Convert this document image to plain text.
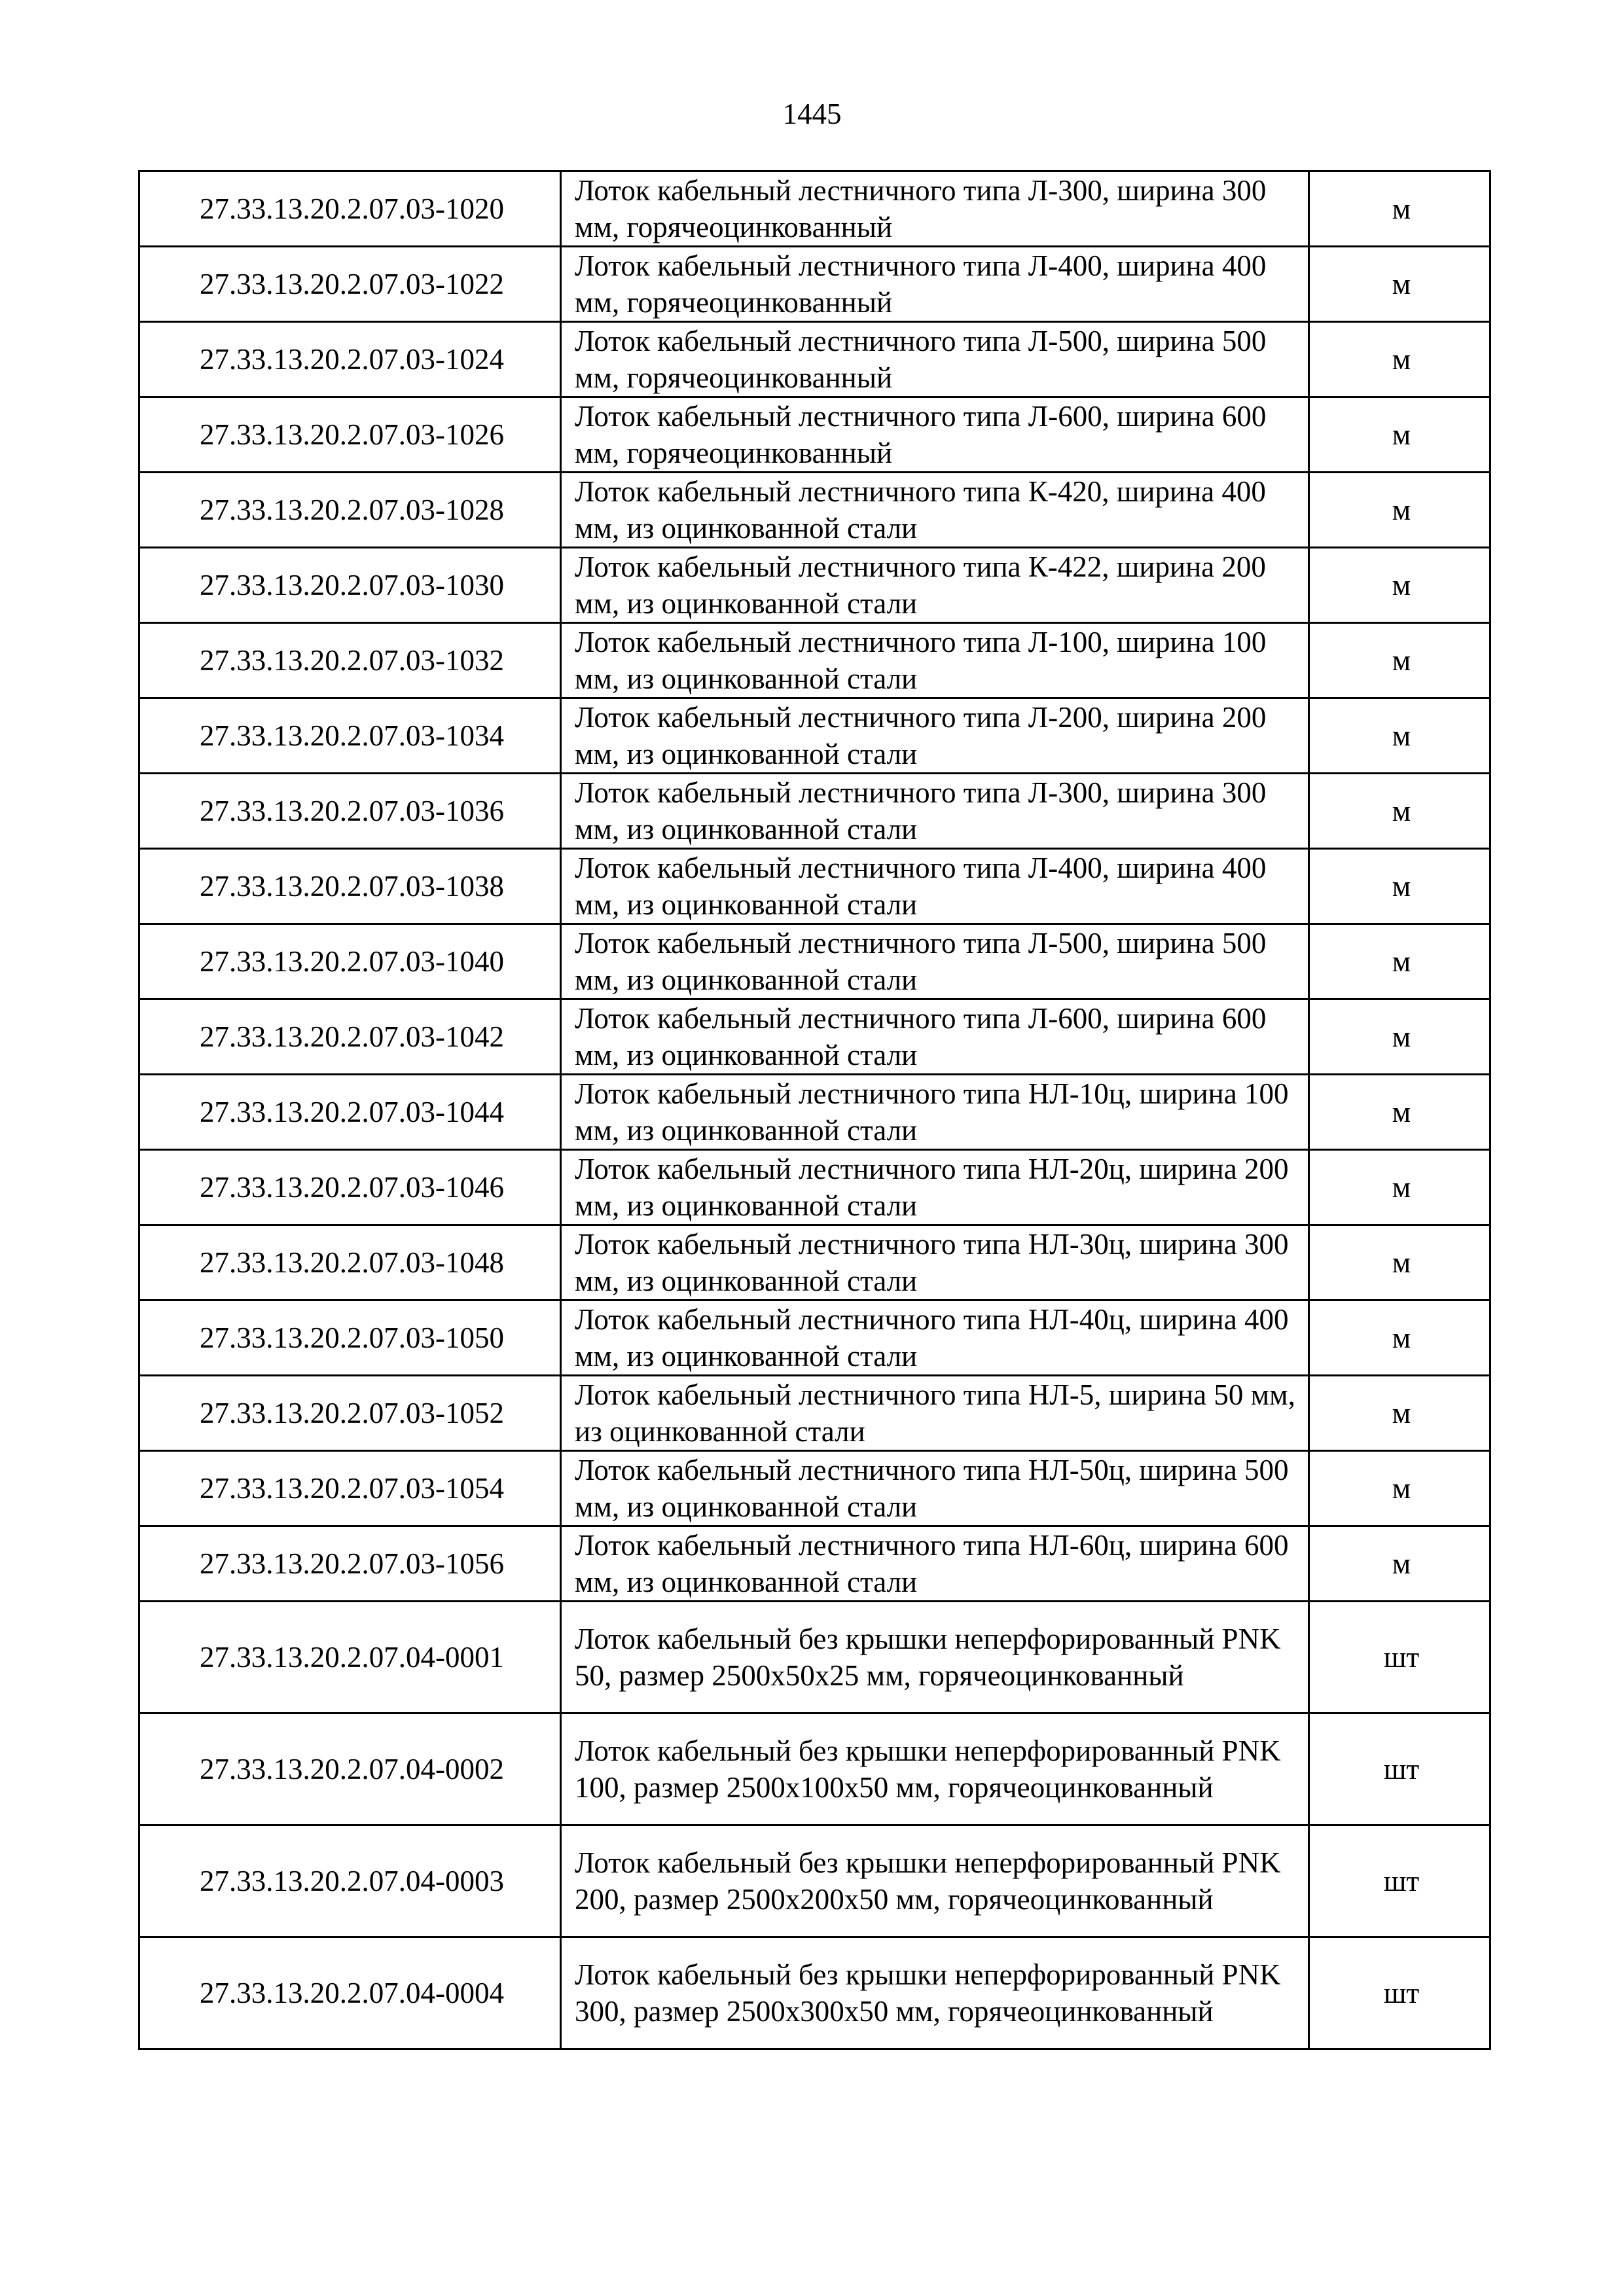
1445
27.33.13.20.2.07.03-1020	Лоток кабельный лестничного типа Л-300, ширина 300 мм, горячеоцинкованный	м
27.33.13.20.2.07.03-1022	Лоток кабельный лестничного типа Л-400, ширина 400 мм, горячеоцинкованный	м
27.33.13.20.2.07.03-1024	Лоток кабельный лестничного типа Л-500, ширина 500 мм, горячеоцинкованный	м
27.33.13.20.2.07.03-1026	Лоток кабельный лестничного типа Л-600, ширина 600 мм, горячеоцинкованный	м
27.33.13.20.2.07.03-1028	Лоток кабельный лестничного типа К-420, ширина 400 мм, из оцинкованной стали	м
27.33.13.20.2.07.03-1030	Лоток кабельный лестничного типа К-422, ширина 200 мм, из оцинкованной стали	м
27.33.13.20.2.07.03-1032	Лоток кабельный лестничного типа Л-100, ширина 100 мм, из оцинкованной стали	м
27.33.13.20.2.07.03-1034	Лоток кабельный лестничного типа Л-200, ширина 200 мм, из оцинкованной стали	м
27.33.13.20.2.07.03-1036	Лоток кабельный лестничного типа Л-300, ширина 300 мм, из оцинкованной стали	м
27.33.13.20.2.07.03-1038	Лоток кабельный лестничного типа Л-400, ширина 400 мм, из оцинкованной стали	м
27.33.13.20.2.07.03-1040	Лоток кабельный лестничного типа Л-500, ширина 500 мм, из оцинкованной стали	м
27.33.13.20.2.07.03-1042	Лоток кабельный лестничного типа Л-600, ширина 600 мм, из оцинкованной стали	м
27.33.13.20.2.07.03-1044	Лоток кабельный лестничного типа НЛ-10ц, ширина 100 мм, из оцинкованной стали	м
27.33.13.20.2.07.03-1046	Лоток кабельный лестничного типа НЛ-20ц, ширина 200 мм, из оцинкованной стали	м
27.33.13.20.2.07.03-1048	Лоток кабельный лестничного типа НЛ-30ц, ширина 300 мм, из оцинкованной стали	м
27.33.13.20.2.07.03-1050	Лоток кабельный лестничного типа НЛ-40ц, ширина 400 мм, из оцинкованной стали	м
27.33.13.20.2.07.03-1052	Лоток кабельный лестничного типа НЛ-5, ширина 50 мм, из оцинкованной стали	м
27.33.13.20.2.07.03-1054	Лоток кабельный лестничного типа НЛ-50ц, ширина 500 мм, из оцинкованной стали	м
27.33.13.20.2.07.03-1056	Лоток кабельный лестничного типа НЛ-60ц, ширина 600 мм, из оцинкованной стали	м
27.33.13.20.2.07.04-0001	Лоток кабельный без крышки неперфорированный PNK 50, размер 2500х50х25 мм, горячеоцинкованный	шт
27.33.13.20.2.07.04-0002	Лоток кабельный без крышки неперфорированный PNK 100, размер 2500х100х50 мм, горячеоцинкованный	шт
27.33.13.20.2.07.04-0003	Лоток кабельный без крышки неперфорированный PNK 200, размер 2500х200х50 мм, горячеоцинкованный	шт
27.33.13.20.2.07.04-0004	Лоток кабельный без крышки неперфорированный PNK 300, размер 2500х300х50 мм, горячеоцинкованный	шт
